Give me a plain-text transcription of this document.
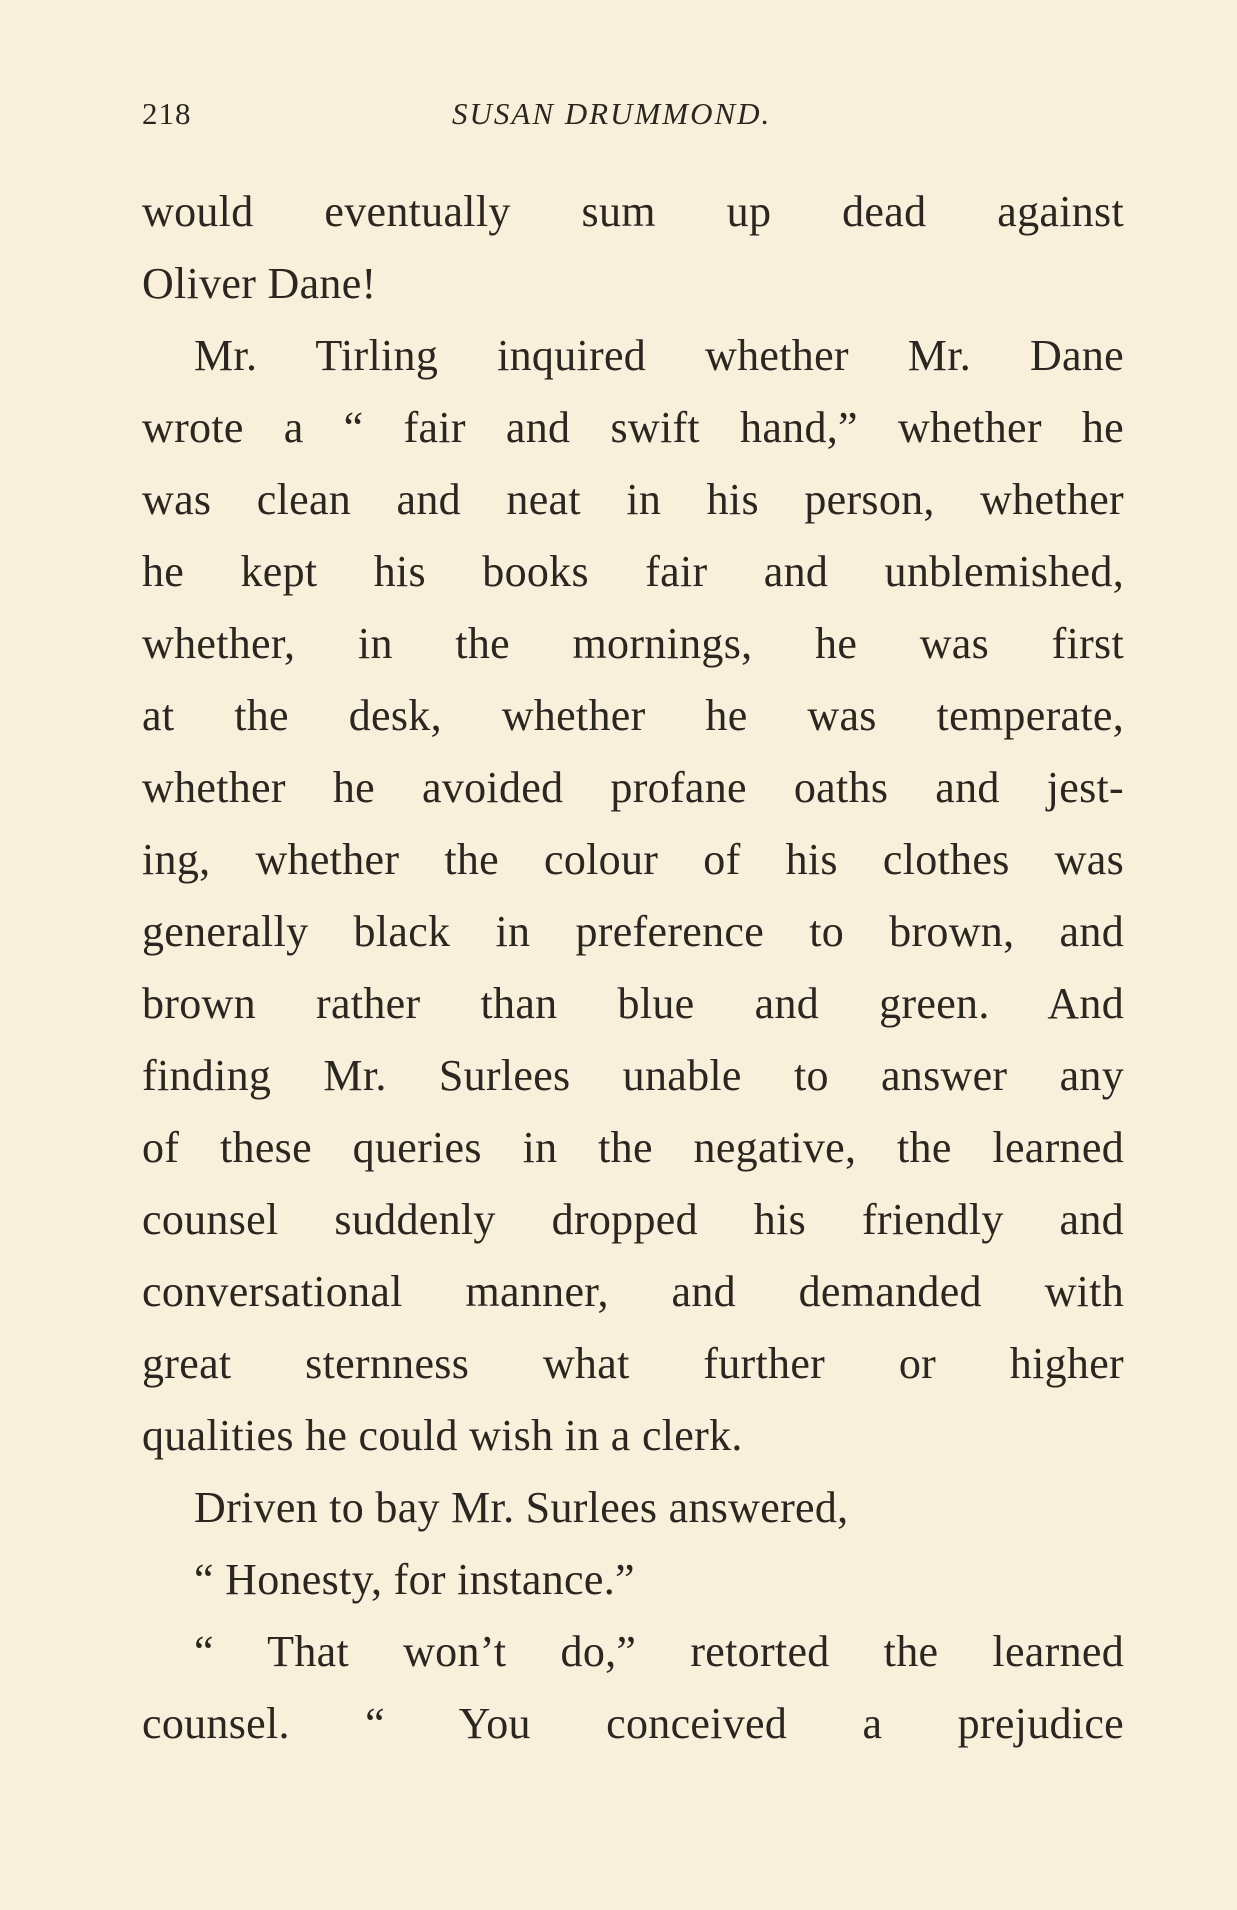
218	SUSAN DRUMMOND.
would eventually sum up dead against
Oliver Dane!
Mr. Tirling inquired whether Mr. Dane
wrote a “ fair and swift hand,” whether he
was clean and neat in his person, whether
he kept his books fair and unblemished,
whether, in the mornings, he was first
at the desk, whether he was temperate,
whether he avoided profane oaths and jest-
ing, whether the colour of his clothes was
generally black in preference to brown, and
brown rather than blue and green. And
finding Mr. Surlees unable to answer any
of these queries in the negative, the learned
counsel suddenly dropped his friendly and
conversational manner, and demanded with
great sternness what further or higher
qualities he could wish in a clerk.
Driven to bay Mr. Surlees answered,
“ Honesty, for instance.”
“ That won’t do,” retorted the learned
counsel. “ You conceived a prejudice
